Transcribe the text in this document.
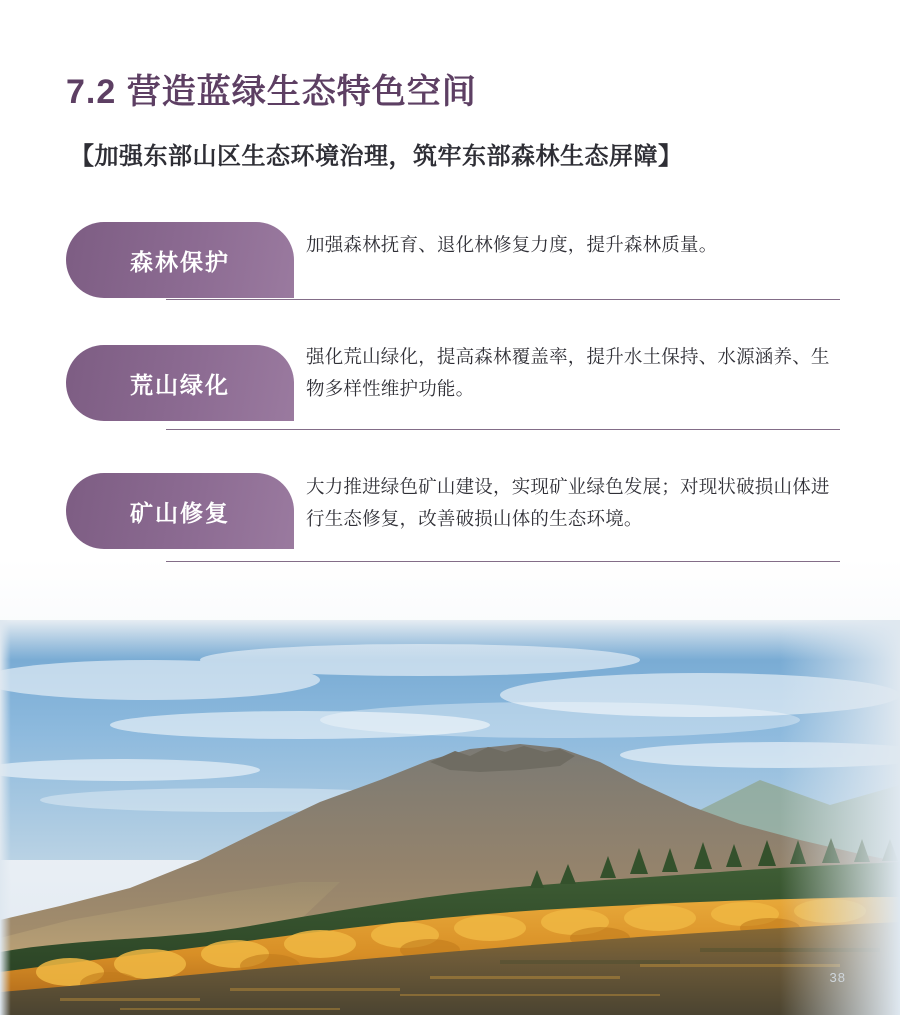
7.2 营造蓝绿生态特色空间
【加强东部山区生态环境治理，筑牢东部森林生态屏障】
森林保护
加强森林抚育、退化林修复力度，提升森林质量。
荒山绿化
强化荒山绿化，提高森林覆盖率，提升水土保持、水源涵养、生物多样性维护功能。
矿山修复
大力推进绿色矿山建设，实现矿业绿色发展；对现状破损山体进行生态修复，改善破损山体的生态环境。
38
